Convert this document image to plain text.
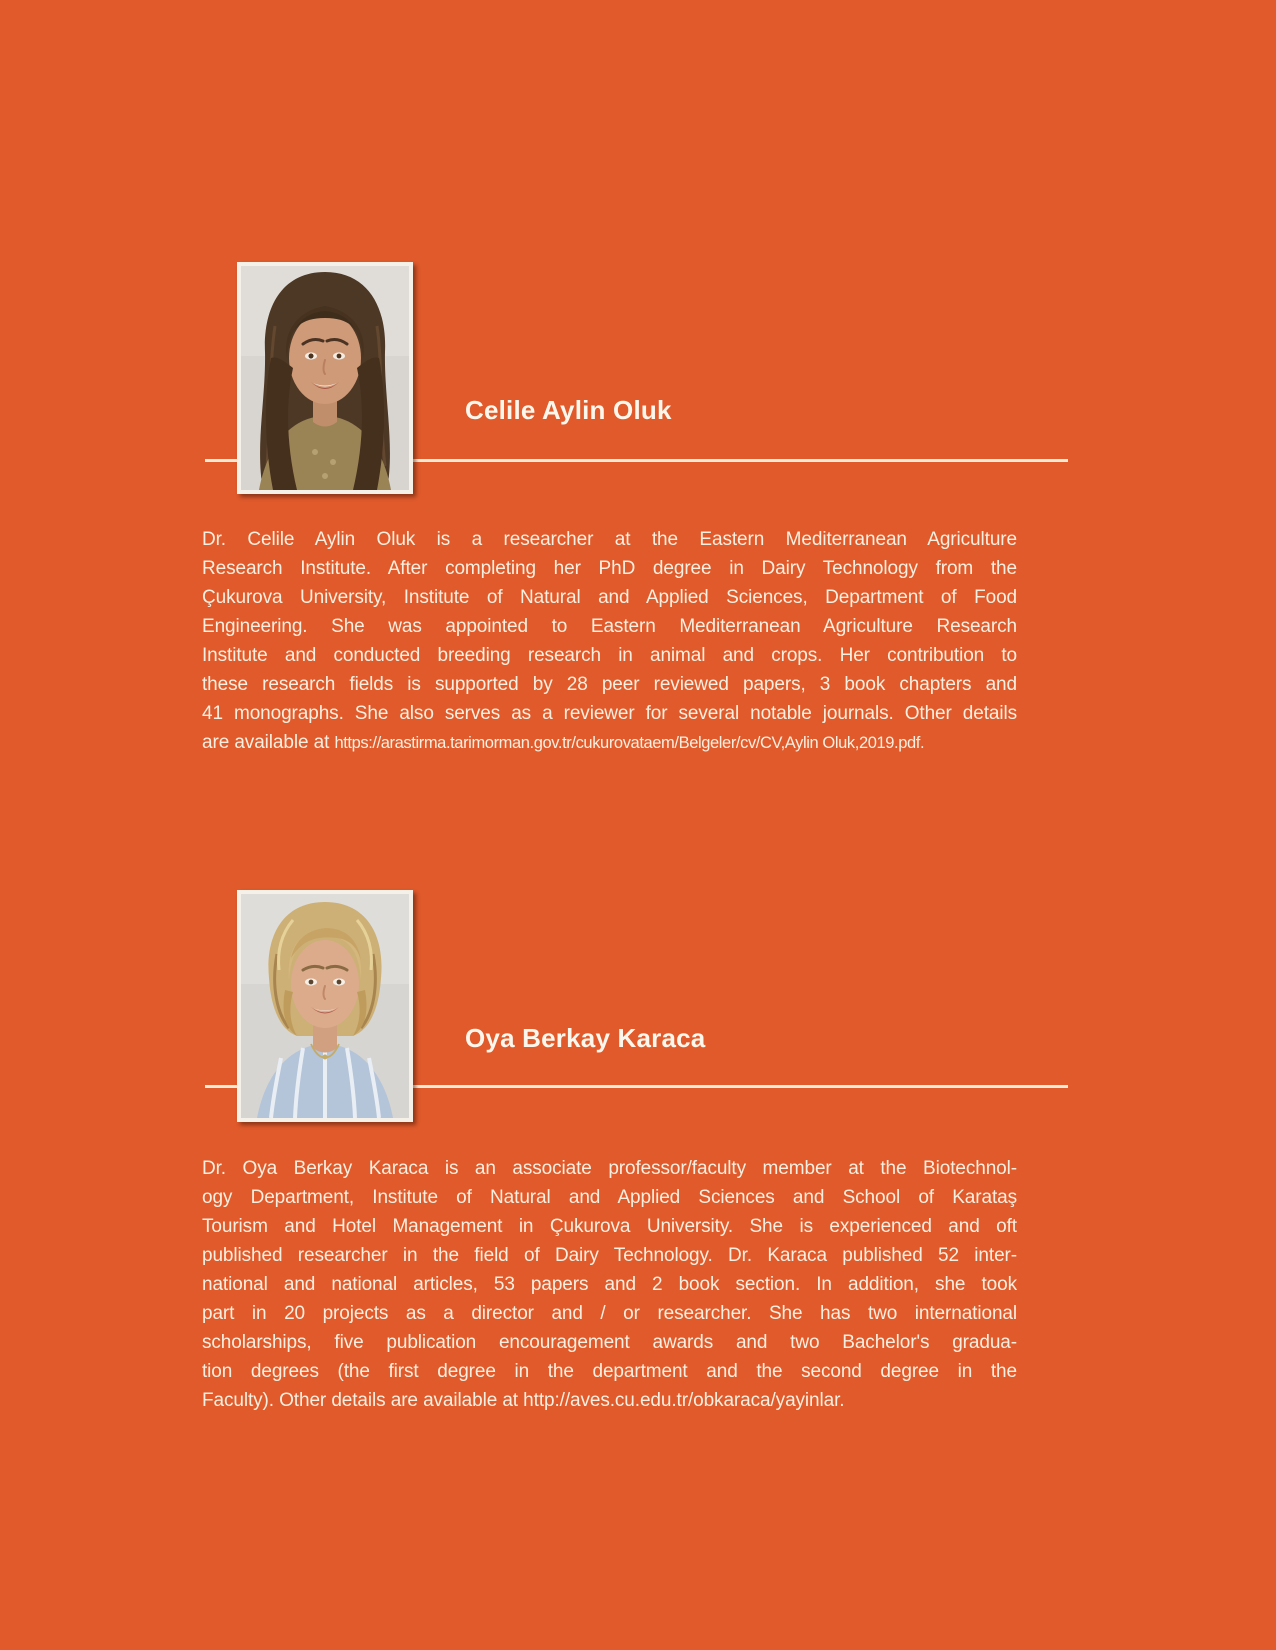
Celile Aylin Oluk
Dr. Celile Aylin Oluk is a researcher at the Eastern Mediterranean Agriculture
Research Institute. After completing her PhD degree in Dairy Technology from the
Çukurova University, Institute of Natural and Applied Sciences, Department of Food
Engineering. She was appointed to Eastern Mediterranean Agriculture Research
Institute and conducted breeding research in animal and crops. Her contribution to
these research fields is supported by 28 peer reviewed papers, 3 book chapters and
41 monographs. She also serves as a reviewer for several notable journals. Other details
are available at https://arastirma.tarimorman.gov.tr/cukurovataem/Belgeler/cv/CV,Aylin Oluk,2019.pdf.
Oya Berkay Karaca
Dr. Oya Berkay Karaca is an associate professor/faculty member at the Biotechnol-
ogy Department, Institute of Natural and Applied Sciences and School of Karataş
Tourism and Hotel Management in Çukurova University. She is experienced and oft
published researcher in the field of Dairy Technology. Dr. Karaca published 52 inter-
national and national articles, 53 papers and 2 book section. In addition, she took
part in 20 projects as a director and / or researcher. She has two international
scholarships, five publication encouragement awards and two Bachelor's gradua-
tion degrees (the first degree in the department and the second degree in the
Faculty). Other details are available at http://aves.cu.edu.tr/obkaraca/yayinlar.
